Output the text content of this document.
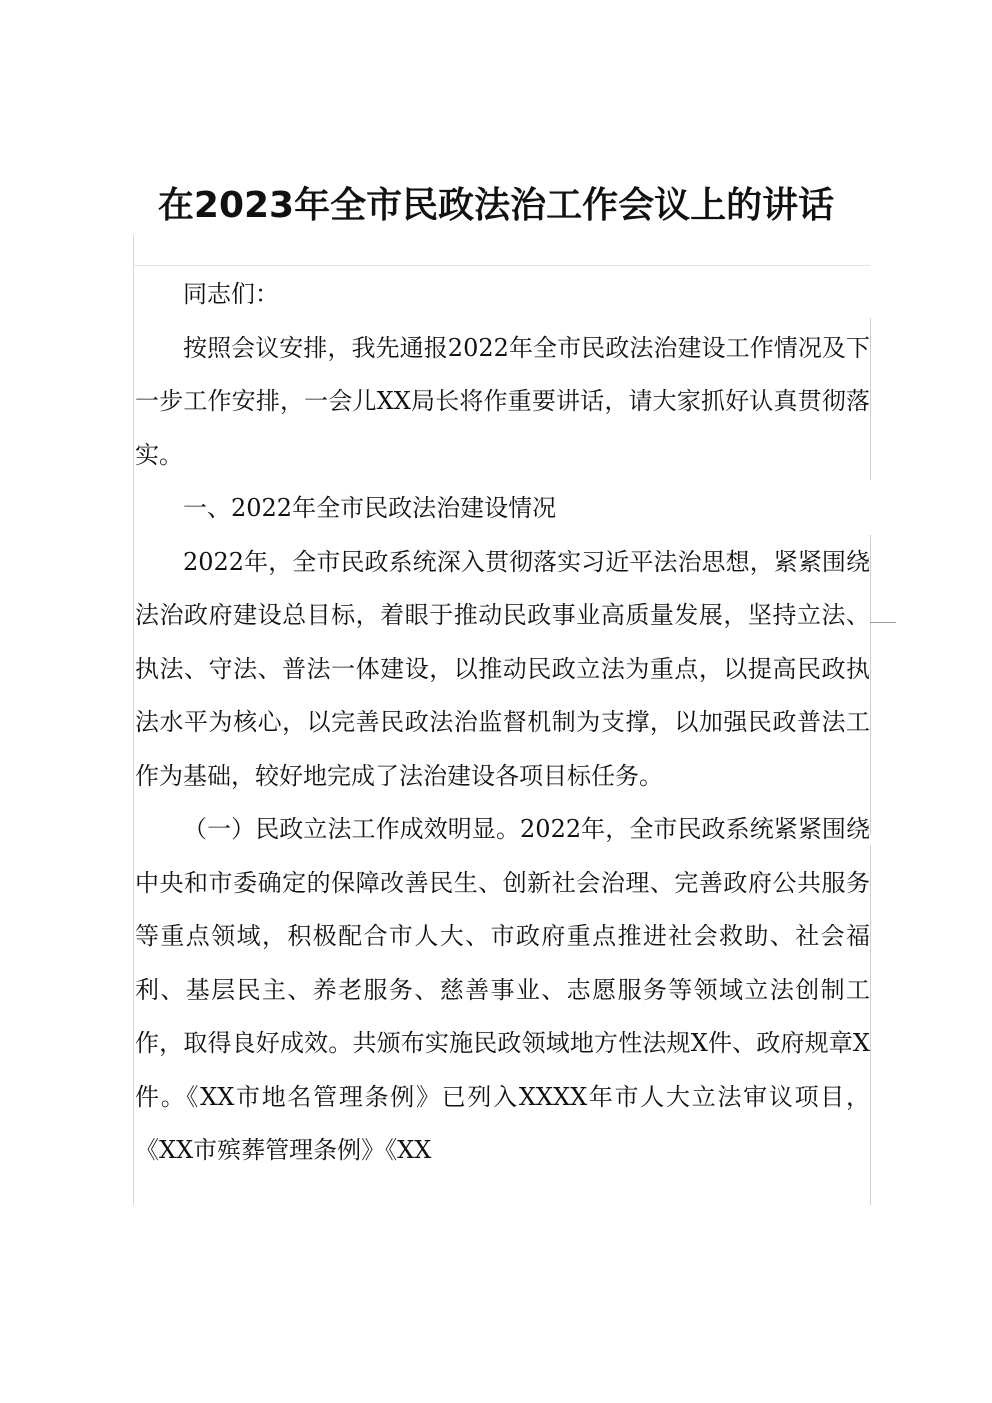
在2023年全市民政法治工作会议上的讲话

同志们：

按照会议安排，我先通报2022年全市民政法治建设工作情况及下一步工作安排，一会儿XX局长将作重要讲话，请大家抓好认真贯彻落实。

一、2022年全市民政法治建设情况

2022年，全市民政系统深入贯彻落实习近平法治思想，紧紧围绕法治政府建设总目标，着眼于推动民政事业高质量发展，坚持立法、执法、守法、普法一体建设，以推动民政立法为重点，以提高民政执法水平为核心，以完善民政法治监督机制为支撑，以加强民政普法工作为基础，较好地完成了法治建设各项目标任务。

（一）民政立法工作成效明显。2022年，全市民政系统紧紧围绕中央和市委确定的保障改善民生、创新社会治理、完善政府公共服务等重点领域，积极配合市人大、市政府重点推进社会救助、社会福利、基层民主、养老服务、慈善事业、志愿服务等领域立法创制工作，取得良好成效。共颁布实施民政领域地方性法规X件、政府规章X件。《XX市地名管理条例》已列入XXXX年市人大立法审议项目，《XX市殡葬管理条例》《XX
